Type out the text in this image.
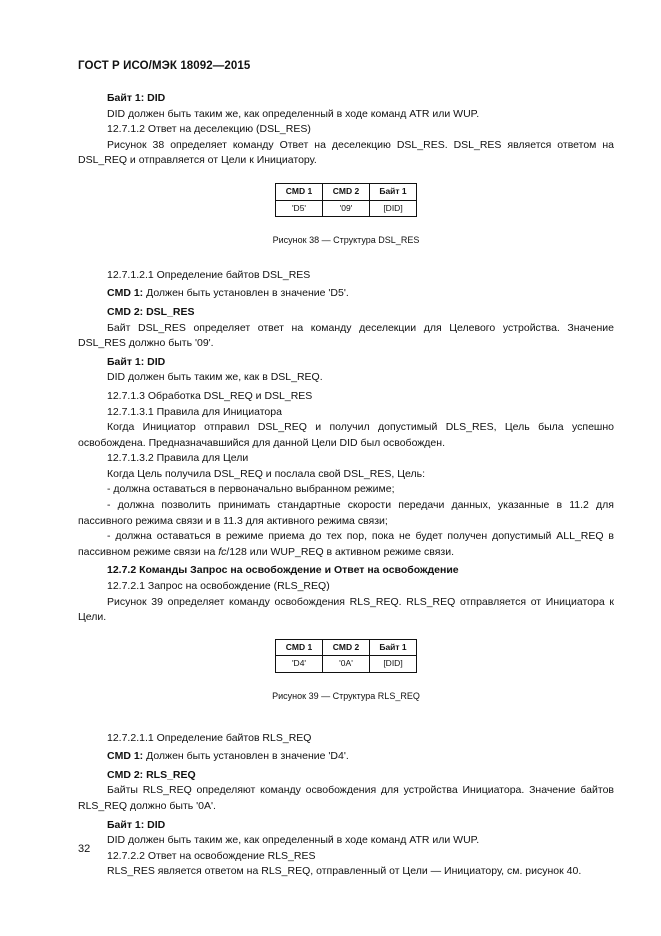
ГОСТ Р ИСО/МЭК 18092—2015

Байт 1: DID

DID должен быть таким же, как определенный в ходе команд ATR или WUP.

12.7.1.2 Ответ на деселекцию (DSL_RES)

Рисунок 38 определяет команду Ответ на деселекцию DSL_RES. DSL_RES является ответом на DSL_REQ и отправляется от Цели к Инициатору.

CMD 1	CMD 2	Байт 1
'D5'	'09'	[DID]
Рисунок 38 — Структура DSL_RES

12.7.1.2.1 Определение байтов DSL_RES

CMD 1: Должен быть установлен в значение 'D5'.

CMD 2: DSL_RES

Байт DSL_RES определяет ответ на команду деселекции для Целевого устройства. Значение DSL_RES должно быть '09'.

Байт 1: DID

DID должен быть таким же, как в DSL_REQ.

12.7.1.3 Обработка DSL_REQ и DSL_RES

12.7.1.3.1 Правила для Инициатора

Когда Инициатор отправил DSL_REQ и получил допустимый DLS_RES, Цель была успешно освобождена. Предназначавшийся для данной Цели DID был освобожден.

12.7.1.3.2 Правила для Цели

Когда Цель получила DSL_REQ и послала свой DSL_RES, Цель:

- должна оставаться в первоначально выбранном режиме;

- должна позволить принимать стандартные скорости передачи данных, указанные в 11.2 для пассивного режима связи и в 11.3 для активного режима связи;

- должна оставаться в режиме приема до тех пор, пока не будет получен допустимый ALL_REQ в пассивном режиме связи на fc/128 или WUP_REQ в активном режиме связи.

12.7.2 Команды Запрос на освобождение и Ответ на освобождение

12.7.2.1 Запрос на освобождение (RLS_REQ)

Рисунок 39 определяет команду освобождения RLS_REQ. RLS_REQ отправляется от Инициатора к Цели.

CMD 1	CMD 2	Байт 1
'D4'	'0A'	[DID]
Рисунок 39 — Структура RLS_REQ

12.7.2.1.1 Определение байтов RLS_REQ

CMD 1: Должен быть установлен в значение 'D4'.

CMD 2: RLS_REQ

Байты RLS_REQ определяют команду освобождения для устройства Инициатора. Значение байтов RLS_REQ должно быть '0A'.

Байт 1: DID

DID должен быть таким же, как определенный в ходе команд ATR или WUP.

12.7.2.2 Ответ на освобождение RLS_RES

RLS_RES является ответом на RLS_REQ, отправленный от Цели — Инициатору, см. рисунок 40.

32
